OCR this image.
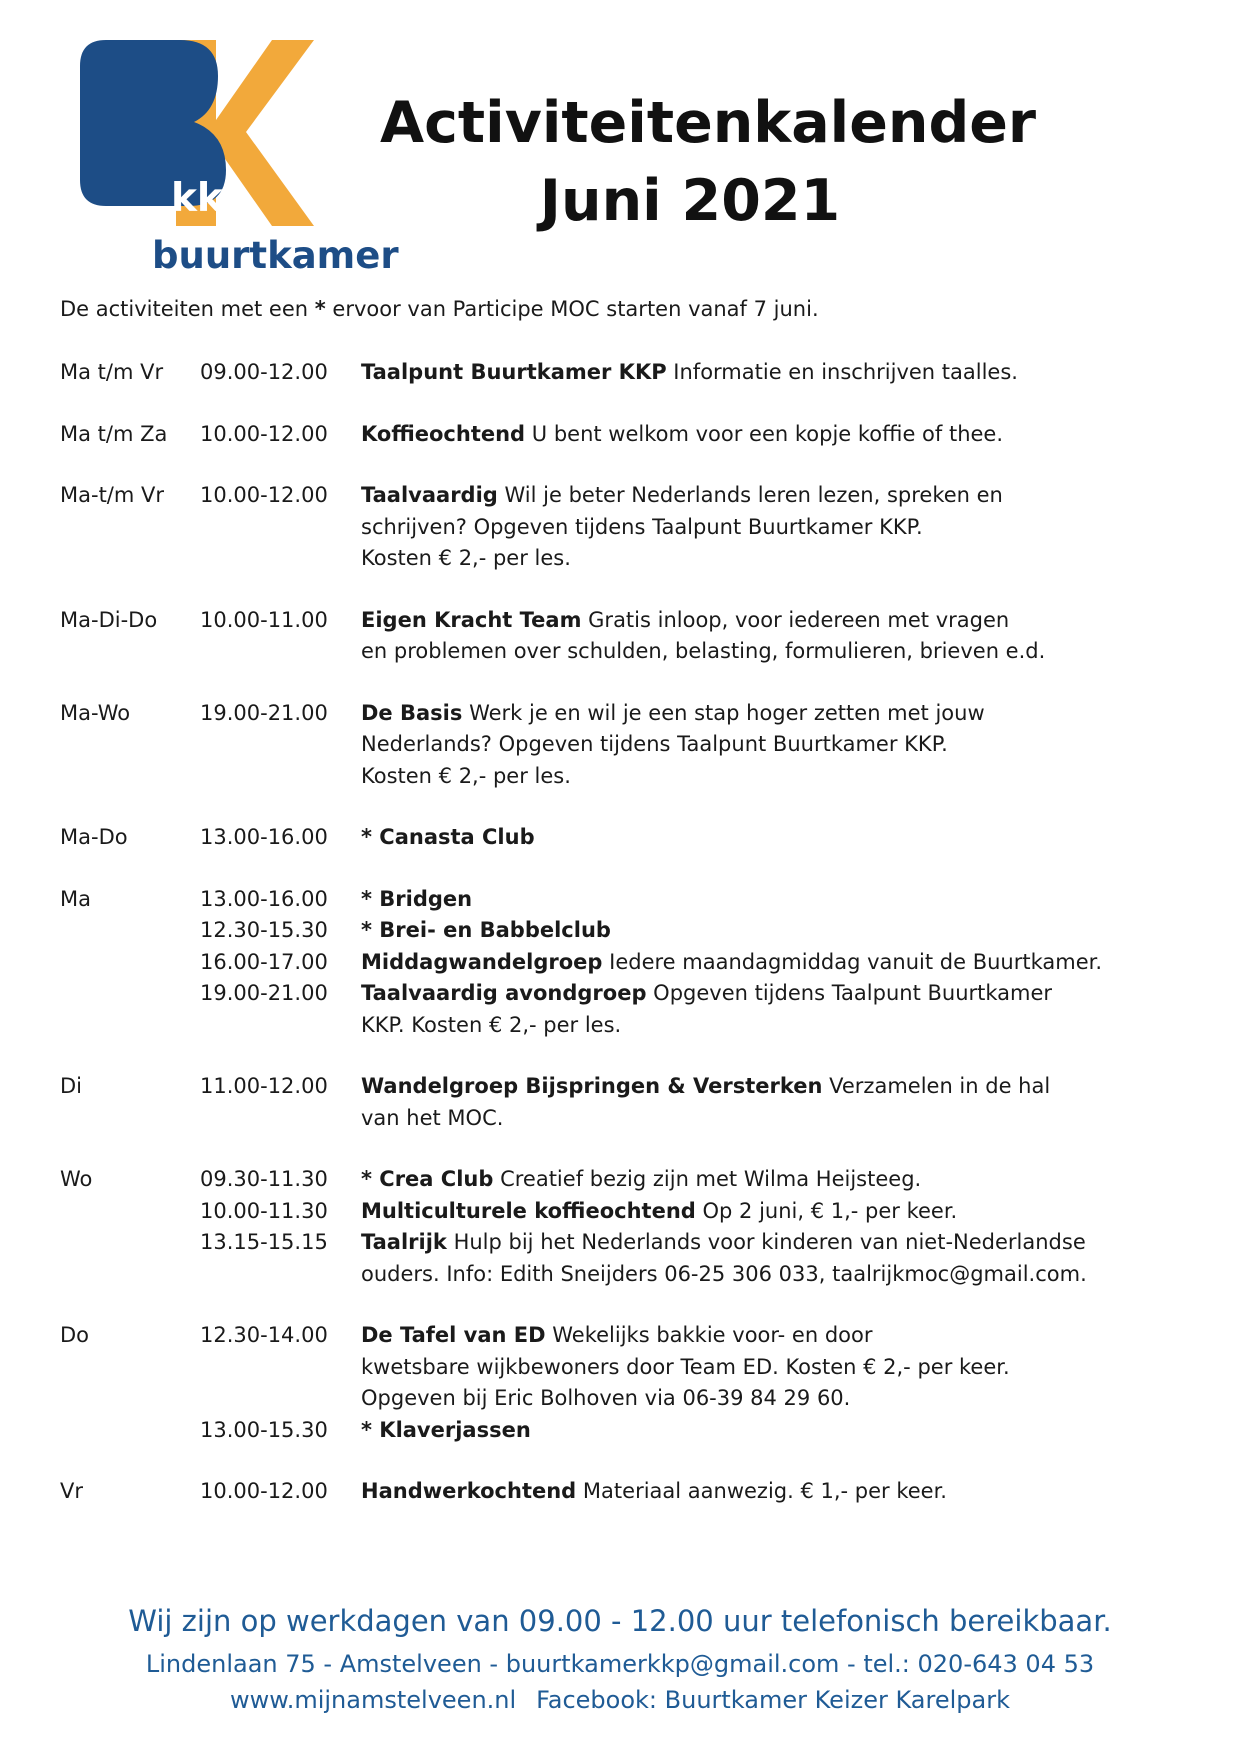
kkp
buurtkamer
Activiteitenkalender
Juni 2021
De activiteiten met een * ervoor van Participe MOC starten vanaf 7 juni.
Ma t/m Vr	09.00-12.00	Taalpunt Buurtkamer KKP Informatie en inschrijven taalles.
Ma t/m Za	10.00-12.00	Koffieochtend U bent welkom voor een kopje koffie of thee.
Ma-t/m Vr	10.00-12.00	Taalvaardig Wil je beter Nederlands leren lezen, spreken en
schrijven? Opgeven tijdens Taalpunt Buurtkamer KKP.
Kosten € 2,- per les.
Ma-Di-Do	10.00-11.00	Eigen Kracht Team Gratis inloop, voor iedereen met vragen
en problemen over schulden, belasting, formulieren, brieven e.d.
Ma-Wo	19.00-21.00	De Basis Werk je en wil je een stap hoger zetten met jouw
Nederlands? Opgeven tijdens Taalpunt Buurtkamer KKP.
Kosten € 2,- per les.
Ma-Do	13.00-16.00	* Canasta Club
Ma	13.00-16.00	* Bridgen
12.30-15.30	* Brei- en Babbelclub
16.00-17.00	Middagwandelgroep Iedere maandagmiddag vanuit de Buurtkamer.
19.00-21.00	Taalvaardig avondgroep Opgeven tijdens Taalpunt Buurtkamer
KKP. Kosten € 2,- per les.
Di	11.00-12.00	Wandelgroep Bijspringen & Versterken Verzamelen in de hal
van het MOC.
Wo	09.30-11.30	* Crea Club Creatief bezig zijn met Wilma Heijsteeg.
10.00-11.30	Multiculturele koffieochtend Op 2 juni, € 1,- per keer.
13.15-15.15	Taalrijk Hulp bij het Nederlands voor kinderen van niet-Nederlandse
ouders. Info: Edith Sneijders 06-25 306 033, taalrijkmoc@gmail.com.
Do	12.30-14.00	De Tafel van ED Wekelijks bakkie voor- en door
kwetsbare wijkbewoners door Team ED. Kosten € 2,- per keer.
Opgeven bij Eric Bolhoven via 06-39 84 29 60.
13.00-15.30	* Klaverjassen
Vr	10.00-12.00	Handwerkochtend Materiaal aanwezig. € 1,- per keer.
Wij zijn op werkdagen van 09.00 - 12.00 uur telefonisch bereikbaar.
Lindenlaan 75 - Amstelveen - buurtkamerkkp@gmail.com - tel.: 020-643 04 53
www.mijnamstelveen.nl Facebook: Buurtkamer Keizer Karelpark
